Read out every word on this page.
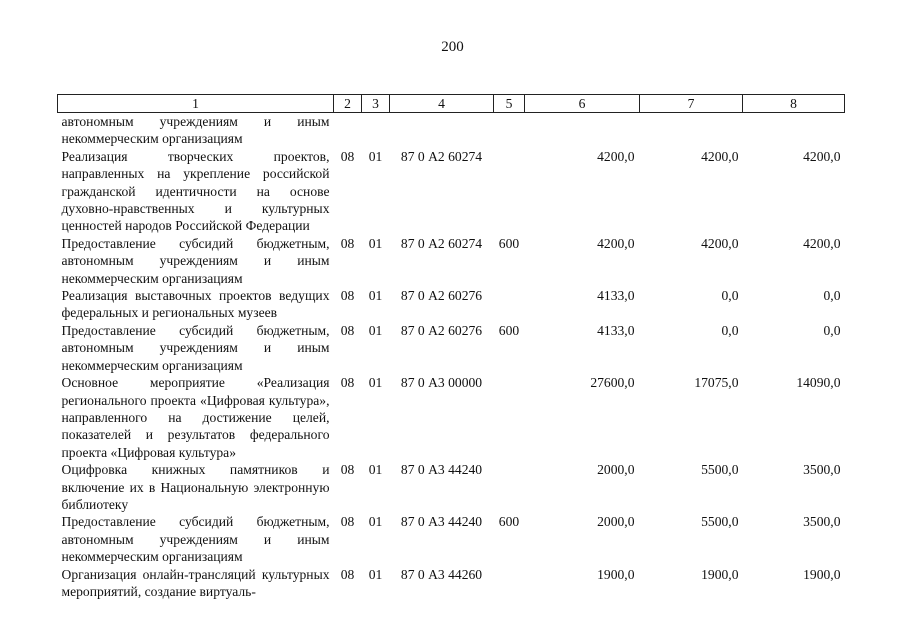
200
1	2	3	4	5	6	7	8
автономным учреждениям и иным некоммерческим организациям							
Реализация творческих проектов, направленных на укрепление российской гражданской идентичности на основе духовно-нравственных и культурных ценностей народов Российской Федерации	08	01	87 0 А2 60274		4200,0	4200,0	4200,0
Предоставление субсидий бюджетным, автономным учреждениям и иным некоммерческим организациям	08	01	87 0 А2 60274	600	4200,0	4200,0	4200,0
Реализация выставочных проектов ведущих федеральных и региональных музеев	08	01	87 0 А2 60276		4133,0	0,0	0,0
Предоставление субсидий бюджетным, автономным учреждениям и иным некоммерческим организациям	08	01	87 0 А2 60276	600	4133,0	0,0	0,0
Основное мероприятие «Реализация регионального проекта «Цифровая культура», направленного на достижение целей, показателей и результатов федерального проекта «Цифровая культура»	08	01	87 0 А3 00000		27600,0	17075,0	14090,0
Оцифровка книжных памятников и включение их в Национальную электронную библиотеку	08	01	87 0 А3 44240		2000,0	5500,0	3500,0
Предоставление субсидий бюджетным, автономным учреждениям и иным некоммерческим организациям	08	01	87 0 А3 44240	600	2000,0	5500,0	3500,0
Организация онлайн-трансляций культурных мероприятий, создание виртуаль-	08	01	87 0 А3 44260		1900,0	1900,0	1900,0
